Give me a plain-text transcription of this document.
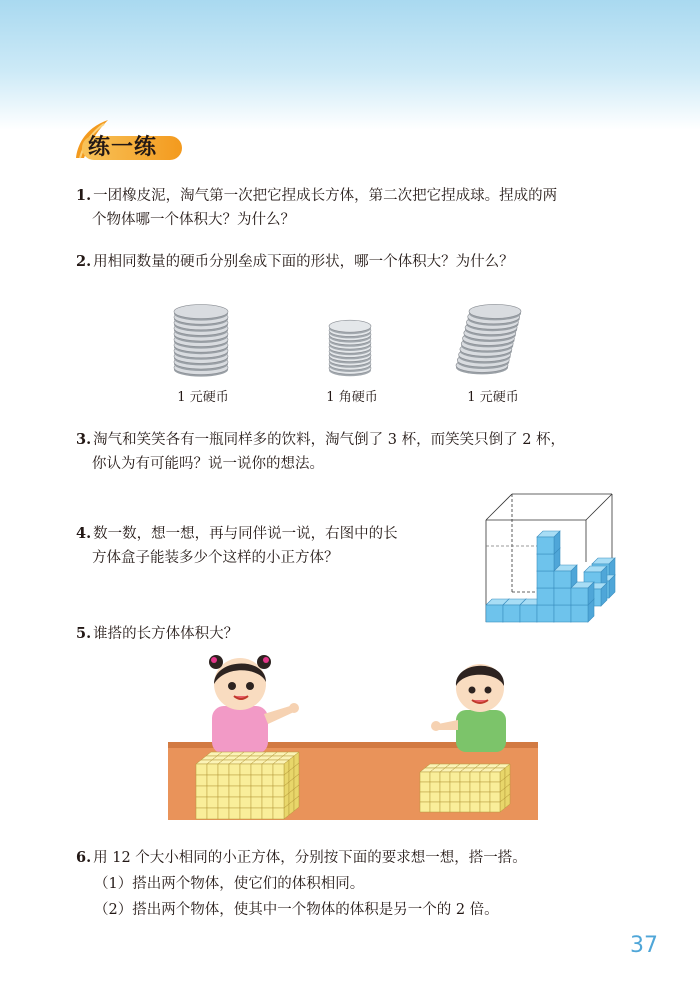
练一练
1. 一团橡皮泥，淘气第一次把它捏成长方体，第二次把它捏成球。捏成的两
个物体哪一个体积大？为什么？
2. 用相同数量的硬币分别垒成下面的形状，哪一个体积大？为什么？
1 元硬币	1 角硬币	1 元硬币
3. 淘气和笑笑各有一瓶同样多的饮料，淘气倒了 3 杯，而笑笑只倒了 2 杯，
你认为有可能吗？说一说你的想法。
4. 数一数，想一想，再与同伴说一说，右图中的长
方体盒子能装多少个这样的小正方体？
5. 谁搭的长方体体积大？
6. 用 12 个大小相同的小正方体，分别按下面的要求想一想，搭一搭。
（1）搭出两个物体，使它们的体积相同。
（2）搭出两个物体，使其中一个物体的体积是另一个的 2 倍。
37
